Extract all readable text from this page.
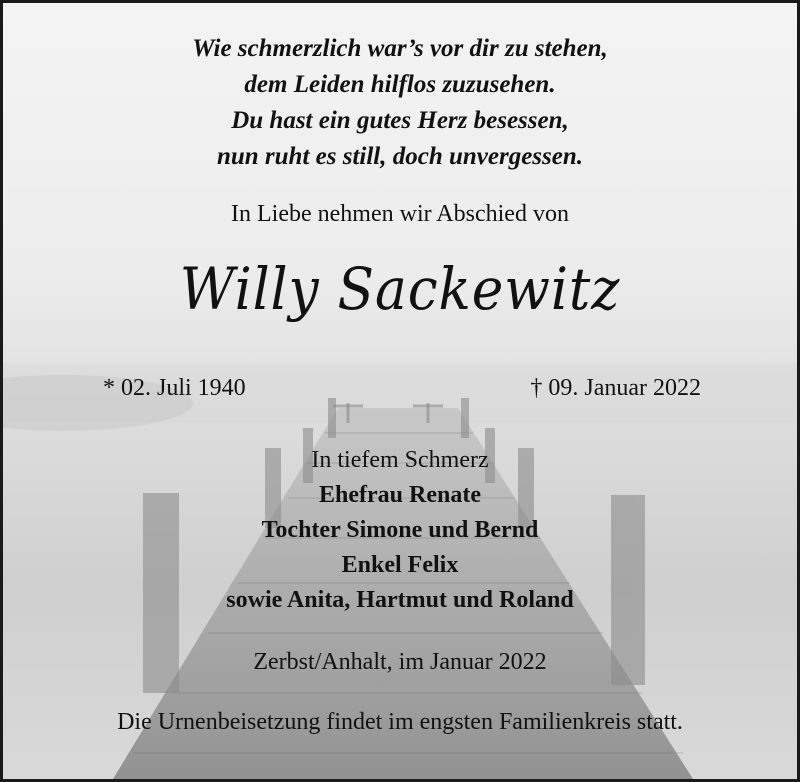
Wie schmerzlich war’s vor dir zu stehen,
dem Leiden hilflos zuzusehen.
Du hast ein gutes Herz besessen,
nun ruht es still, doch unvergessen.
In Liebe nehmen wir Abschied von
Willy Sackewitz
* 02. Juli 1940	† 09. Januar 2022
In tiefem Schmerz
Ehefrau Renate
Tochter Simone und Bernd
Enkel Felix
sowie Anita, Hartmut und Roland
Zerbst/Anhalt, im Januar 2022
Die Urnenbeisetzung findet im engsten Familienkreis statt.
